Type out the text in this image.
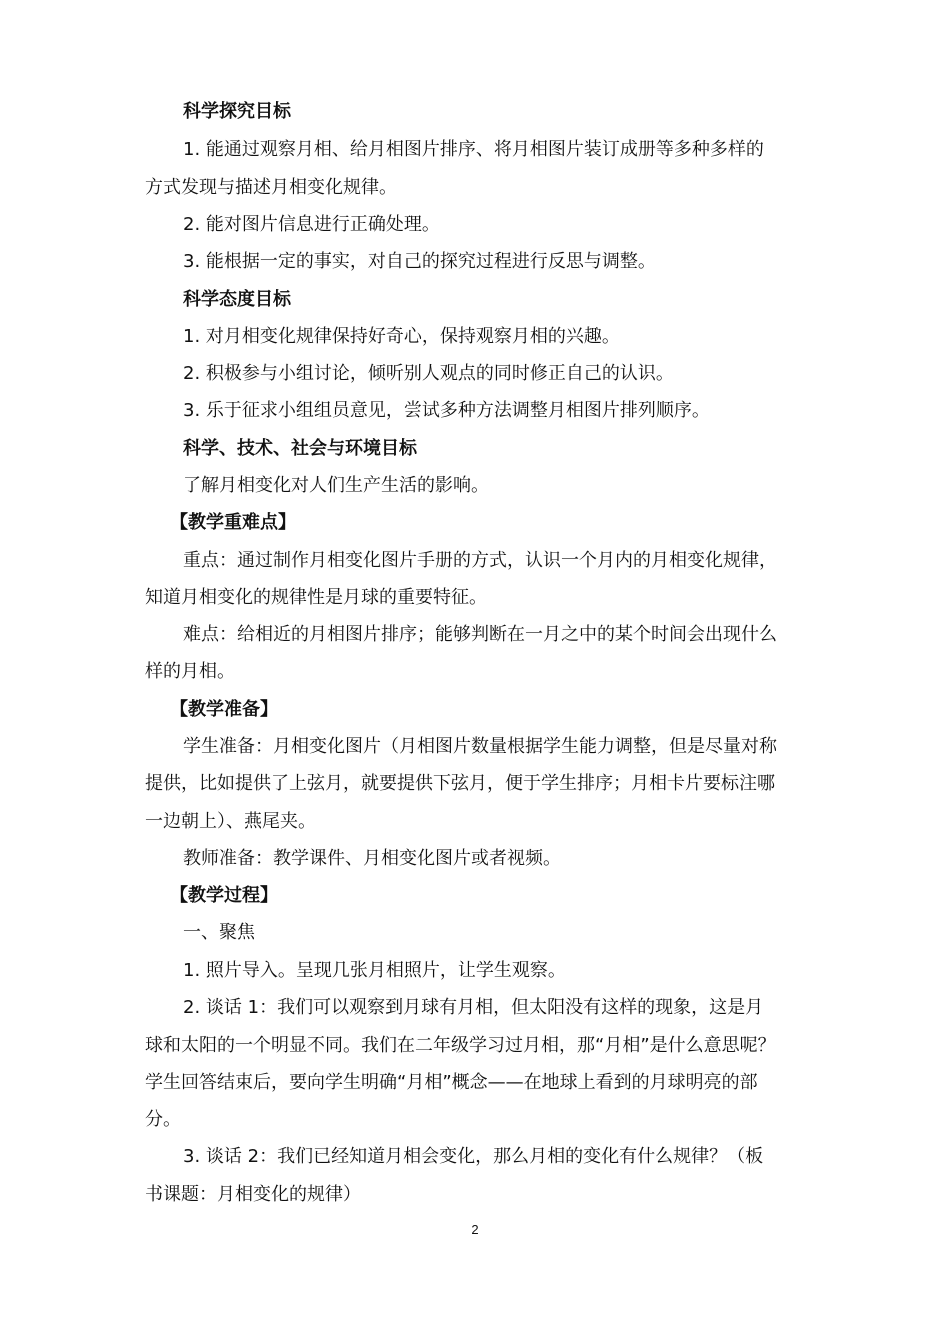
科学探究目标
1. 能通过观察月相、给月相图片排序、将月相图片装订成册等多种多样的
方式发现与描述月相变化规律。
2. 能对图片信息进行正确处理。
3. 能根据一定的事实，对自己的探究过程进行反思与调整。
科学态度目标
1. 对月相变化规律保持好奇心，保持观察月相的兴趣。
2. 积极参与小组讨论，倾听别人观点的同时修正自己的认识。
3. 乐于征求小组组员意见，尝试多种方法调整月相图片排列顺序。
科学、技术、社会与环境目标
了解月相变化对人们生产生活的影响。
【教学重难点】
重点：通过制作月相变化图片手册的方式，认识一个月内的月相变化规律，
知道月相变化的规律性是月球的重要特征。
难点：给相近的月相图片排序；能够判断在一月之中的某个时间会出现什么
样的月相。
【教学准备】
学生准备：月相变化图片（月相图片数量根据学生能力调整，但是尽量对称
提供，比如提供了上弦月，就要提供下弦月，便于学生排序；月相卡片要标注哪
一边朝上）、燕尾夹。
教师准备：教学课件、月相变化图片或者视频。
【教学过程】
一、聚焦
1. 照片导入。呈现几张月相照片，让学生观察。
2. 谈话 1：我们可以观察到月球有月相，但太阳没有这样的现象，这是月
球和太阳的一个明显不同。我们在二年级学习过月相，那“月相”是什么意思呢？
学生回答结束后，要向学生明确“月相”概念——在地球上看到的月球明亮的部
分。
3. 谈话 2：我们已经知道月相会变化，那么月相的变化有什么规律？（板
书课题：月相变化的规律）
2
